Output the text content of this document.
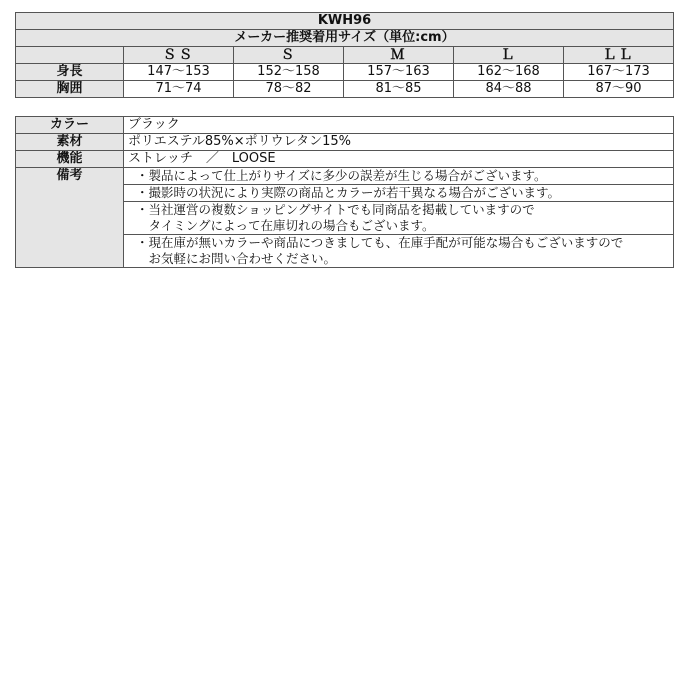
KWH96					
メーカー推奨着用サイズ（単位:cm）					
	ＳＳ	Ｓ	Ｍ	Ｌ	ＬＬ
身長	147～153	152～158	157～163	162～168	167～173
胸囲	71～74	78～82	81～85	84～88	87～90
カラー	ブラック
素材	ポリエステル85%×ポリウレタン15%
機能	ストレッチ　／　LOOSE
備考	・製品によって仕上がりサイズに多少の誤差が生じる場合がございます。

	・撮影時の状況により実際の商品とカラーが若干異なる場合がございます。

	・当社運営の複数ショッピングサイトでも同商品を掲載していますので
　タイミングによって在庫切れの場合もございます。

	・現在庫が無いカラーや商品につきましても、在庫手配が可能な場合もございますので
　お気軽にお問い合わせください。
